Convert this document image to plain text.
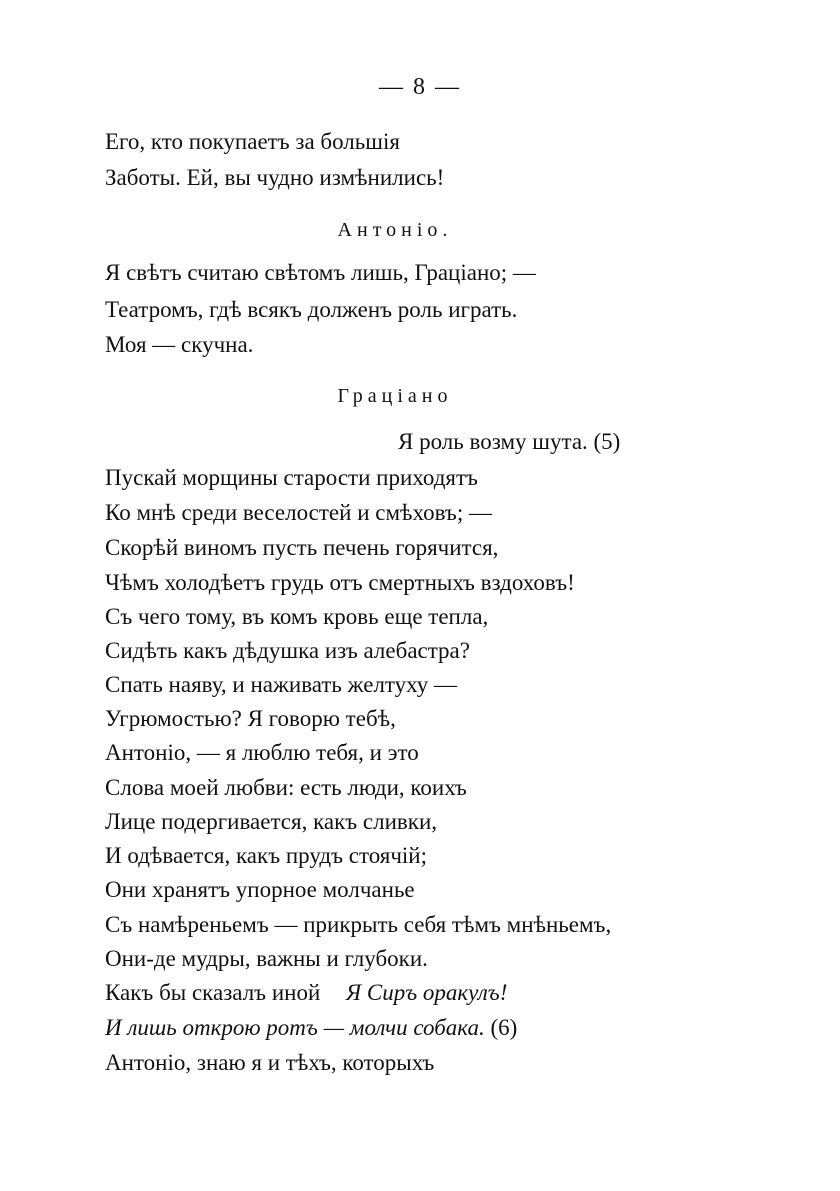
— 8 —
Его, кто покупаетъ за большія
Заботы. Ей, вы чудно измѣнились!
Антоніо.
Я свѣтъ считаю свѣтомъ лишь, Граціано; —
Театромъ, гдѣ всякъ долженъ роль играть.
Моя — скучна.
Граціано
Я роль возму шута. (5)
Пускай морщины старости приходятъ
Ко мнѣ среди веселостей и смѣховъ; —
Скорѣй виномъ пусть печень горячится,
Чѣмъ холодѣетъ грудь отъ смертныхъ вздоховъ!
Съ чего тому, въ комъ кровь еще тепла,
Сидѣть какъ дѣдушка изъ алебастра?
Спать наяву, и наживать желтуху —
Угрюмостью? Я говорю тебѣ,
Антоніо, — я люблю тебя, и это
Слова моей любви: есть люди, коихъ
Лице подергивается, какъ сливки,
И одѣвается, какъ прудъ стоячій;
Они хранятъ упорное молчанье
Съ намѣреньемъ — прикрыть себя тѣмъ мнѣньемъ,
Они-де мудры, важны и глубоки.
Какъ бы сказалъ иной Я Сиръ оракулъ!
И лишь открою ротъ — молчи собака. (6)
Антоніо, знаю я и тѣхъ, которыхъ
